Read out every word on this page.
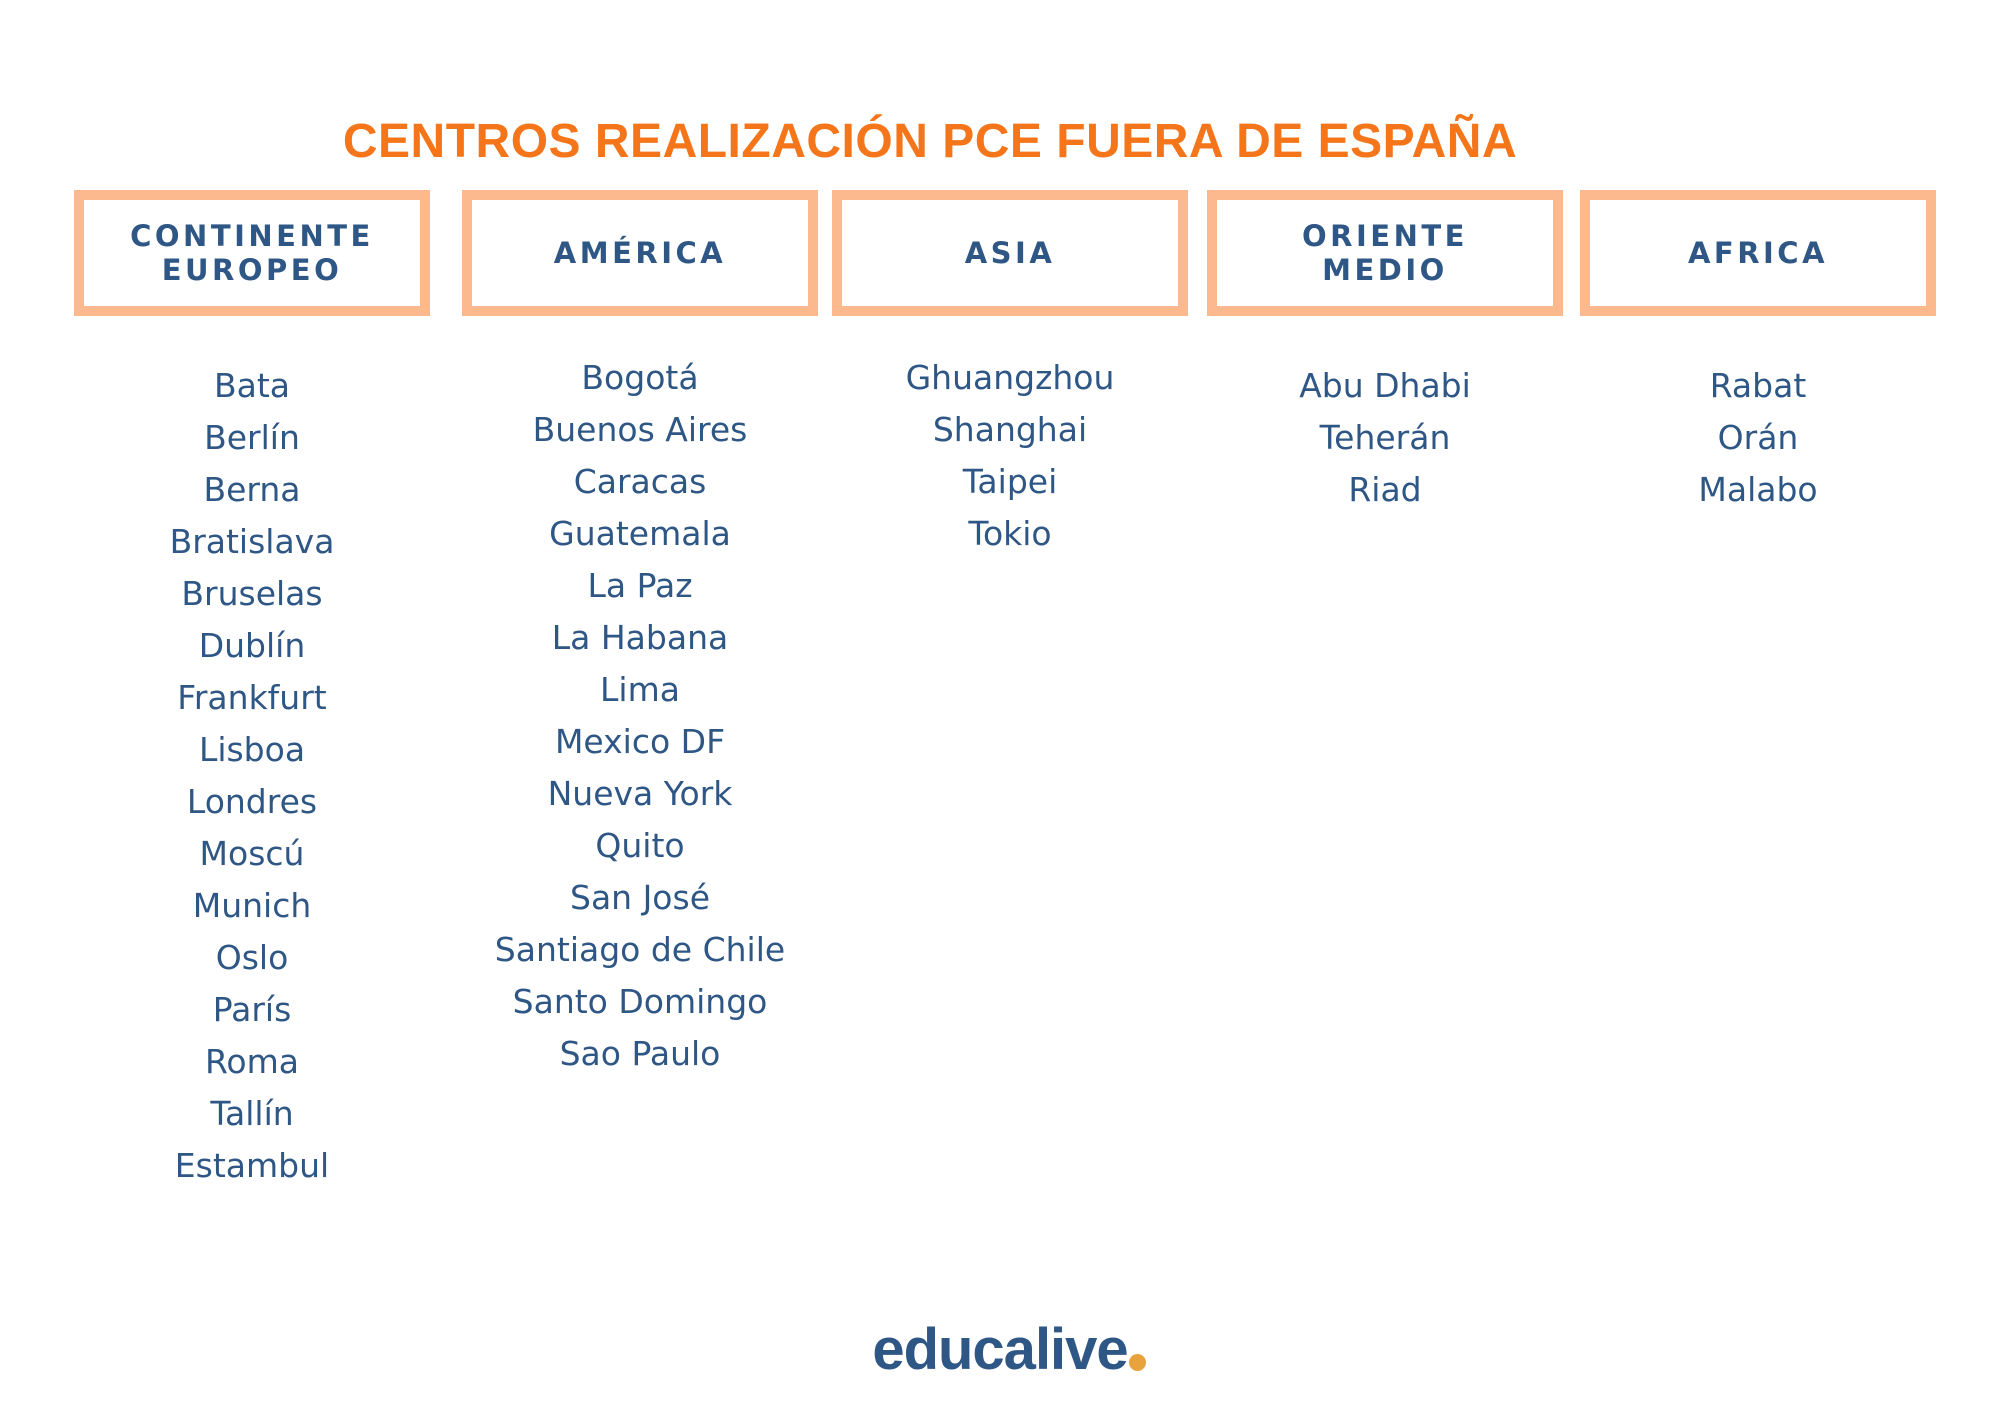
CENTROS REALIZACIÓN PCE FUERA DE ESPAÑA
CONTINENTE
EUROPEO
Bata
Berlín
Berna
Bratislava
Bruselas
Dublín
Frankfurt
Lisboa
Londres
Moscú
Munich
Oslo
París
Roma
Tallín
Estambul
AMÉRICA
Bogotá
Buenos Aires
Caracas
Guatemala
La Paz
La Habana
Lima
Mexico DF
Nueva York
Quito
San José
Santiago de Chile
Santo Domingo
Sao Paulo
ASIA
Ghuangzhou
Shanghai
Taipei
Tokio
ORIENTE
MEDIO
Abu Dhabi
Teherán
Riad
AFRICA
Rabat
Orán
Malabo
educalive
